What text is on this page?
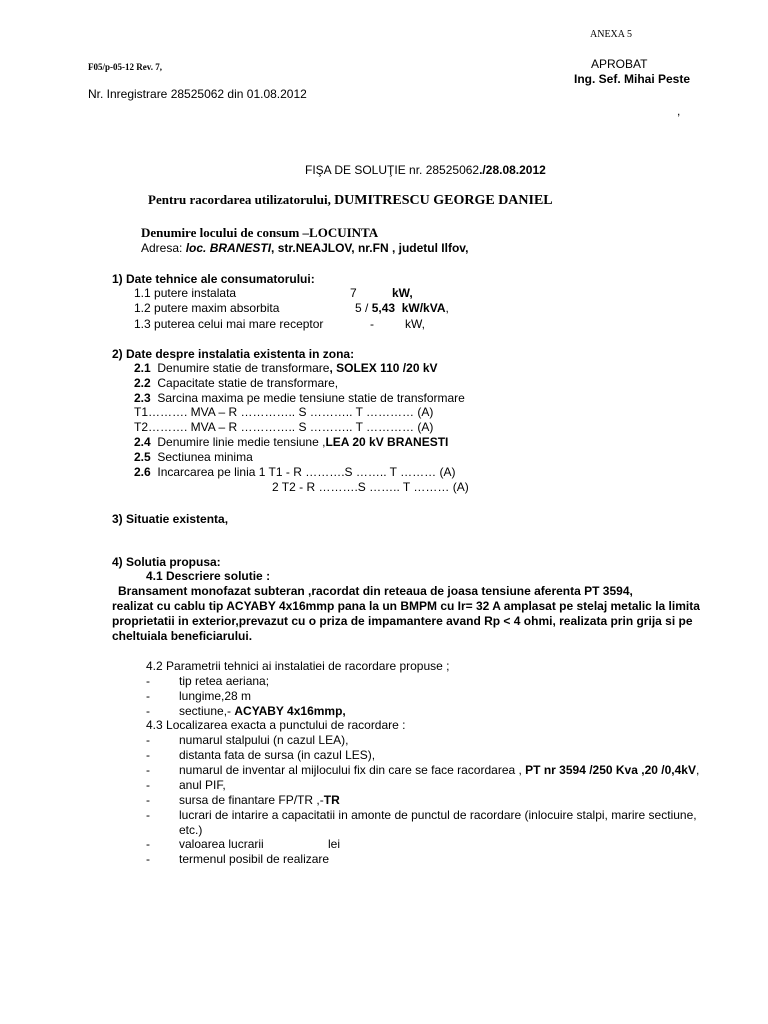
ANEXA 5
F05/p-05-12 Rev. 7,	APROBAT
Ing. Sef. Mihai Peste
Nr. Inregistrare 28525062 din 01.08.2012
,
FIŞA DE SOLUŢIE nr. 28525062./28.08.2012
Pentru racordarea utilizatorului, DUMITRESCU GEORGE DANIEL
Denumire locului de consum –LOCUINTA
Adresa: loc. BRANESTI, str.NEAJLOV, nr.FN , judetul Ilfov,
1) Date tehnice ale consumatorului:
1.1 putere instalata	7	kW,
1.2 putere maxim absorbita	5 / 5,43 kW/kVA,
1.3 puterea celui mai mare receptor	-	kW,
2) Date despre instalatia existenta in zona:
2.1 Denumire statie de transformare, SOLEX 110 /20 kV
2.2 Capacitate statie de transformare,
2.3 Sarcina maxima pe medie tensiune statie de transformare
T1………. MVA – R ………….. S ……….. T ………… (A)
T2………. MVA – R ………….. S ……….. T ………… (A)
2.4 Denumire linie medie tensiune ,LEA 20 kV BRANESTI
2.5 Sectiunea minima
2.6 Incarcarea pe linia 1 T1 - R ……….S …….. T ……… (A)
2 T2 - R ……….S …….. T ……… (A)
3) Situatie existenta,
4) Solutia propusa:
4.1 Descriere solutie :
Bransament monofazat subteran ,racordat din reteaua de joasa tensiune aferenta PT 3594,
realizat cu cablu tip ACYABY 4x16mmp pana la un BMPM cu Ir= 32 A amplasat pe stelaj metalic la limita
proprietatii in exterior,prevazut cu o priza de impamantere avand Rp < 4 ohmi, realizata prin grija si pe
cheltuiala beneficiarului.
4.2 Parametrii tehnici ai instalatiei de racordare propuse ;
- tip retea aeriana;
- lungime,28 m
- sectiune,- ACYABY 4x16mmp,
4.3 Localizarea exacta a punctului de racordare :
- numarul stalpului (n cazul LEA),
- distanta fata de sursa (in cazul LES),
- numarul de inventar al mijlocului fix din care se face racordarea , PT nr 3594 /250 Kva ,20 /0,4kV,
- anul PIF,
- sursa de finantare FP/TR ,-TR
- lucrari de intarire a capacitatii in amonte de punctul de racordare (inlocuire stalpi, marire sectiune,
etc.)
- valoarea lucrarii	lei
- termenul posibil de realizare
